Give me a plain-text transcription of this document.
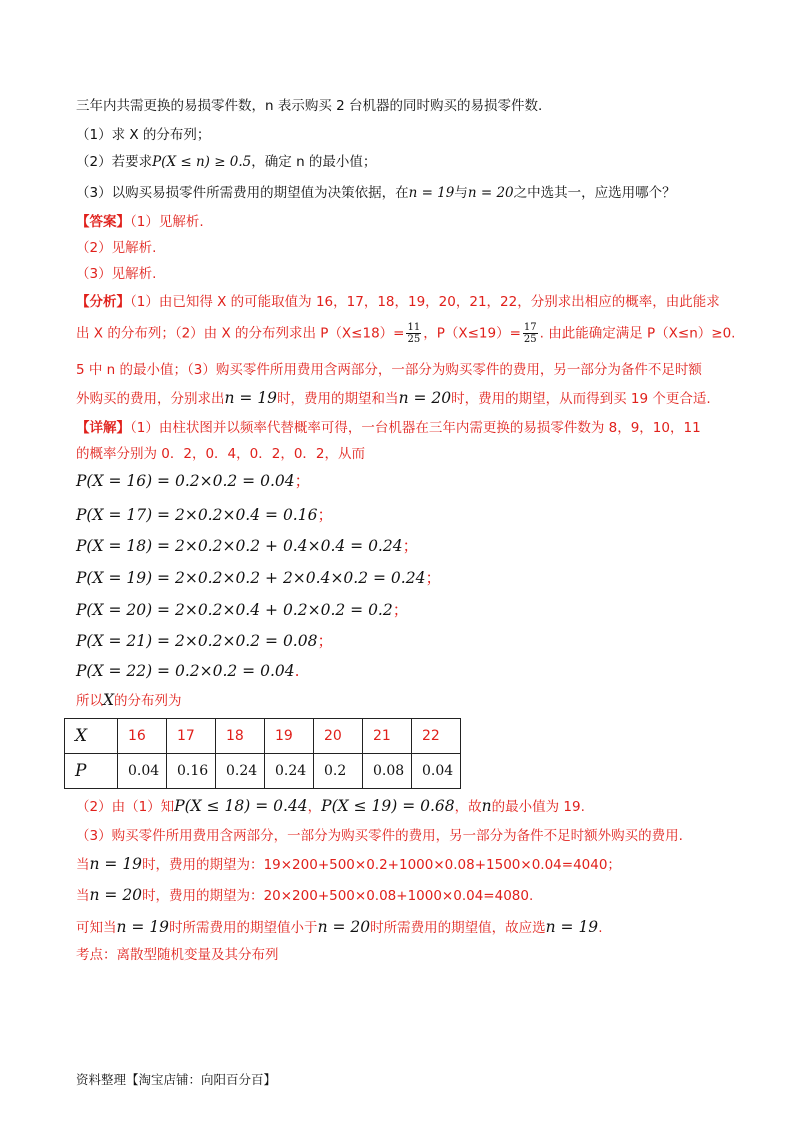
三年内共需更换的易损零件数，n 表示购买 2 台机器的同时购买的易损零件数.
（1）求 X 的分布列；
（2）若要求P(X ≤ n) ≥ 0.5，确定 n 的最小值；
（3）以购买易损零件所需费用的期望值为决策依据，在n = 19与n = 20之中选其一，应选用哪个？
【答案】（1）见解析.
（2）见解析.
（3）见解析.
【分析】（1）由已知得 X 的可能取值为 16，17，18，19，20，21，22，分别求出相应的概率，由此能求
出 X 的分布列；（2）由 X 的分布列求出 $P(X\le 18)= \frac{11}{25}$ ，$P(X\le 19)= \frac{17}{25}$ . 由此能确定满足 P（X≤n）≥0.
5 中 n 的最小值；（3）购买零件所用费用含两部分，一部分为购买零件的费用，另一部分为备件不足时额
外购买的费用，分别求出n = 19时，费用的期望和当n = 20时，费用的期望，从而得到买 19 个更合适.
【详解】（1）由柱状图并以频率代替概率可得，一台机器在三年内需更换的易损零件数为 8，9，10，11
的概率分别为 0．2，0．4，0．2，0．2，从而
P(X = 16) = 0.2×0.2 = 0.04；
P(X = 17) = 2×0.2×0.4 = 0.16；
P(X = 18) = 2×0.2×0.2 + 0.4×0.4 = 0.24；
P(X = 19) = 2×0.2×0.2 + 2×0.4×0.2 = 0.24；
P(X = 20) = 2×0.2×0.4 + 0.2×0.2 = 0.2；
P(X = 21) = 2×0.2×0.2 = 0.08；
P(X = 22) = 0.2×0.2 = 0.04.
所以X的分布列为
X	16	17	18	19	20	21	22
P	0.04	0.16	0.24	0.24	0.2	0.08	0.04
（2）由（1）知P(X ≤ 18) = 0.44，P(X ≤ 19) = 0.68，故n的最小值为 19.
（3）购买零件所用费用含两部分，一部分为购买零件的费用，另一部分为备件不足时额外购买的费用.
当n = 19时，费用的期望为：19×200+500×0.2+1000×0.08+1500×0.04=4040；
当n = 20时，费用的期望为：20×200+500×0.08+1000×0.04=4080.
可知当n = 19时所需费用的期望值小于n = 20时所需费用的期望值，故应选n = 19.
考点：离散型随机变量及其分布列
资料整理【淘宝店铺：向阳百分百】
